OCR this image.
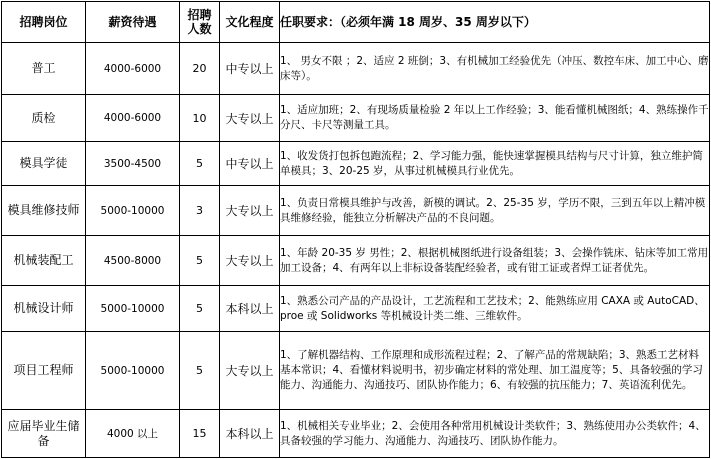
招聘岗位	薪资待遇	招聘人数	文化程度	任职要求：（必须年满 18 周岁、35 周岁以下）
普工	4000-6000	20	中专以上	1、 男女不限 ；2、适应 2 班倒；3、有机械加工经验优先（冲压、数控车床、加工中心、磨床等）。
质检	4000-6000	10	大专以上	1、适应加班；2、有现场质量检验 2 年以上工作经验；3、能看懂机械图纸；4、熟练操作千分尺、卡尺等测量工具。
模具学徒	3500-4500	5	中专以上	1、收发货打包拆包跑流程；2、学习能力强，能快速掌握模具结构与尺寸计算，独立维护简单模具；3、20-25 岁，从事过机械模具行业优先。
模具维修技师	5000-10000	3	大专以上	1、负责日常模具维护与改善，新模的调试。2、25-35 岁，学历不限，三到五年以上精冲模具维修经验，能独立分析解决产品的不良问题。
机械装配工	4500-8000	5	大专以上	1、年龄 20-35 岁 男性；2、根据机械图纸进行设备组装；3、会操作铣床、钻床等加工常用加工设备；4、有两年以上非标设备装配经验者，或有钳工证或者焊工证者优先。
机械设计师	5000-10000	5	本科以上	1、熟悉公司产品的产品设计，工艺流程和工艺技术；2、能熟练应用 CAXA 或 AutoCAD、proe 或 Solidworks 等机械设计类二维、三维软件。
项目工程师	5000-10000	5	大专以上	1、了解机器结构、工作原理和成形流程过程；2、了解产品的常规缺陷；3、熟悉工艺材料基本常识；4、看懂材料说明书，初步确定材料的常处理、加工温度等；5、具备较强的学习能力、沟通能力、沟通技巧、团队协作能力；6、有较强的抗压能力；7、英语流利优先。
应届毕业生储备	4000 以上	15	本科以上	1、机械相关专业毕业；2、会使用各种常用机械设计类软件；3、熟练使用办公类软件；4、具备较强的学习能力、沟通能力、沟通技巧、团队协作能力。
